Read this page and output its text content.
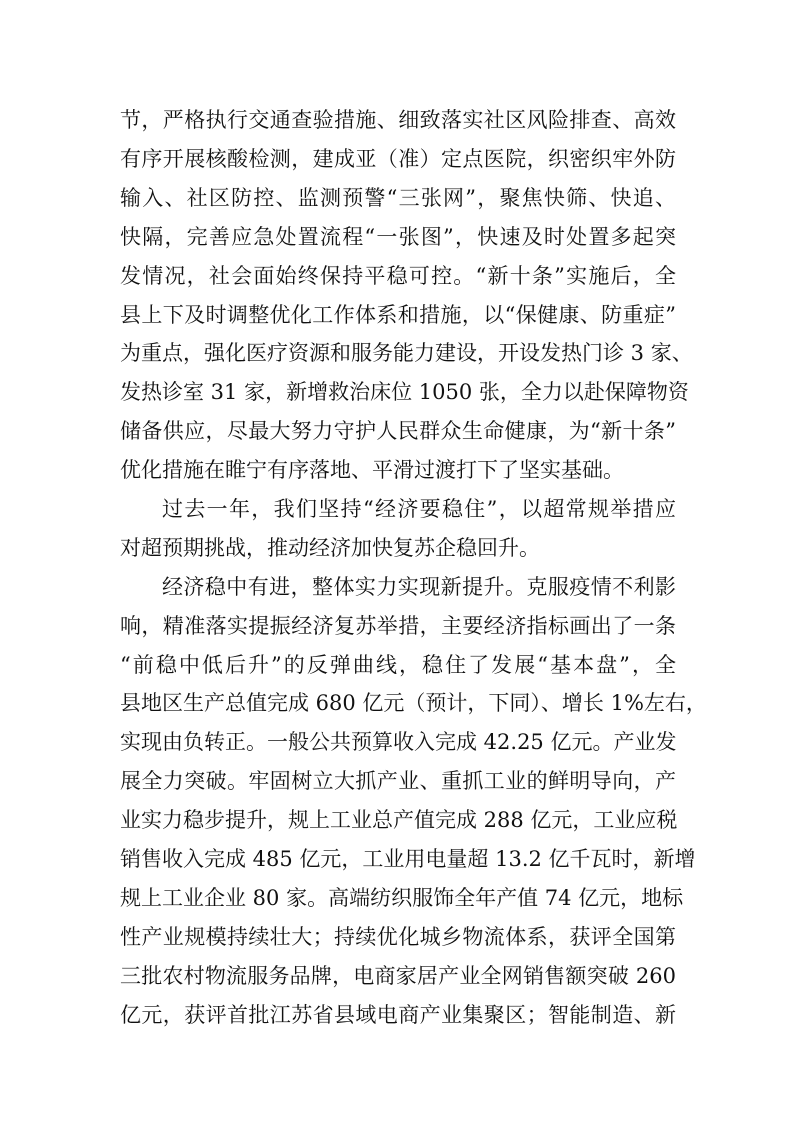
节，严格执行交通查验措施、细致落实社区风险排查、高效
有序开展核酸检测，建成亚（准）定点医院，织密织牢外防
输入、社区防控、监测预警“三张网”，聚焦快筛、快追、
快隔，完善应急处置流程“一张图”，快速及时处置多起突
发情况，社会面始终保持平稳可控。“新十条”实施后，全
县上下及时调整优化工作体系和措施，以“保健康、防重症”
为重点，强化医疗资源和服务能力建设，开设发热门诊 3 家、
发热诊室 31 家，新增救治床位 1050 张，全力以赴保障物资
储备供应，尽最大努力守护人民群众生命健康，为“新十条”
优化措施在睢宁有序落地、平滑过渡打下了坚实基础。
过去一年，我们坚持“经济要稳住”，以超常规举措应
对超预期挑战，推动经济加快复苏企稳回升。
经济稳中有进，整体实力实现新提升。克服疫情不利影
响，精准落实提振经济复苏举措，主要经济指标画出了一条
“前稳中低后升”的反弹曲线，稳住了发展“基本盘”，全
县地区生产总值完成 680 亿元（预计，下同）、增长 1%左右，
实现由负转正。一般公共预算收入完成 42.25 亿元。产业发
展全力突破。牢固树立大抓产业、重抓工业的鲜明导向，产
业实力稳步提升，规上工业总产值完成 288 亿元，工业应税
销售收入完成 485 亿元，工业用电量超 13.2 亿千瓦时，新增
规上工业企业 80 家。高端纺织服饰全年产值 74 亿元，地标
性产业规模持续壮大；持续优化城乡物流体系，获评全国第
三批农村物流服务品牌，电商家居产业全网销售额突破 260
亿元，获评首批江苏省县域电商产业集聚区；智能制造、新
